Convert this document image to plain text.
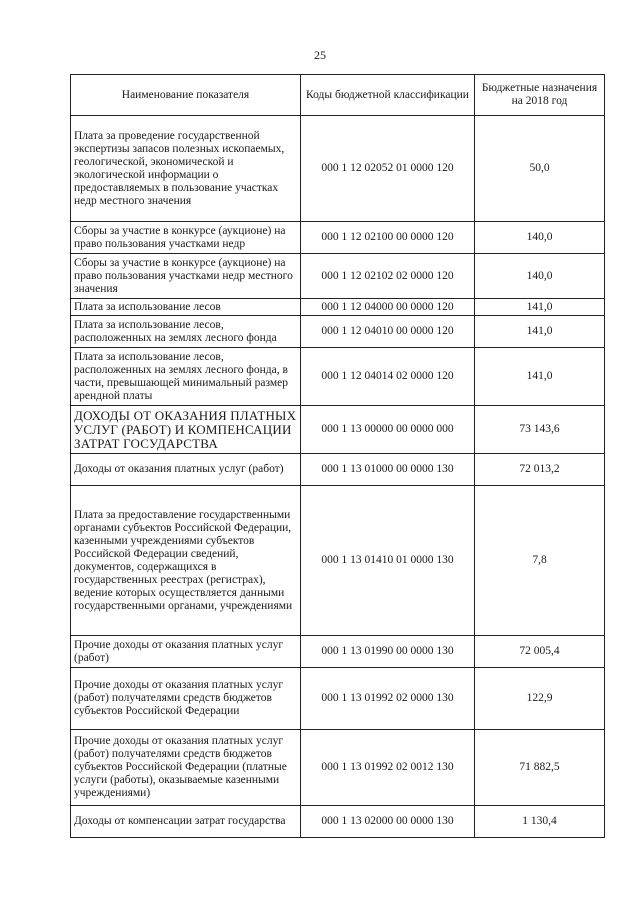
25
Наименование показателя	Коды бюджетной классификации	Бюджетные назначения на 2018 год
Плата за проведение государственной экспертизы запасов полезных ископаемых, геологической, экономической и экологической информации о предоставляемых в пользование участках недр местного значения	000 1 12 02052 01 0000 120	50,0
Сборы за участие в конкурсе (аукционе) на право пользования участками недр	000 1 12 02100 00 0000 120	140,0
Сборы за участие в конкурсе (аукционе) на право пользования участками недр местного значения	000 1 12 02102 02 0000 120	140,0
Плата за использование лесов	000 1 12 04000 00 0000 120	141,0
Плата за использование лесов, расположенных на землях лесного фонда	000 1 12 04010 00 0000 120	141,0
Плата за использование лесов, расположенных на землях лесного фонда, в части, превышающей минимальный размер арендной платы	000 1 12 04014 02 0000 120	141,0
ДОХОДЫ ОТ ОКАЗАНИЯ ПЛАТНЫХ УСЛУГ (РАБОТ) И КОМПЕНСАЦИИ ЗАТРАТ ГОСУДАРСТВА	000 1 13 00000 00 0000 000	73 143,6
Доходы от оказания платных услуг (работ)	000 1 13 01000 00 0000 130	72 013,2
Плата за предоставление государственными органами субъектов Российской Федерации, казенными учреждениями субъектов Российской Федерации сведений, документов, содержащихся в государственных реестрах (регистрах), ведение которых осуществляется данными государственными органами, учреждениями	000 1 13 01410 01 0000 130	7,8
Прочие доходы от оказания платных услуг (работ)	000 1 13 01990 00 0000 130	72 005,4
Прочие доходы от оказания платных услуг (работ) получателями средств бюджетов субъектов Российской Федерации	000 1 13 01992 02 0000 130	122,9
Прочие доходы от оказания платных услуг (работ) получателями средств бюджетов субъектов Российской Федерации (платные услуги (работы), оказываемые казенными учреждениями)	000 1 13 01992 02 0012 130	71 882,5
Доходы от компенсации затрат государства	000 1 13 02000 00 0000 130	1 130,4
